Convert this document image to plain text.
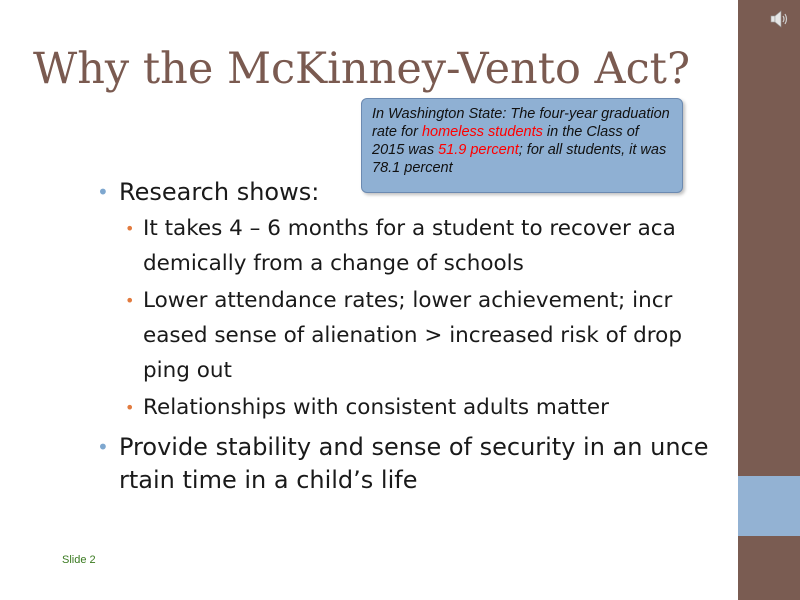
Why the McKinney-Vento Act?
In Washington State: The four-year graduation rate for homeless students in the Class of 2015 was 51.9 percent; for all students, it was 78.1 percent
• Research shows:
• It takes 4 – 6 months for a student to recover aca demically from a change of schools
• Lower attendance rates; lower achievement; incr eased sense of alienation > increased risk of drop ping out
• Relationships with consistent adults matter
• Provide stability and sense of security in an unce rtain time in a child’s life
Slide 2
